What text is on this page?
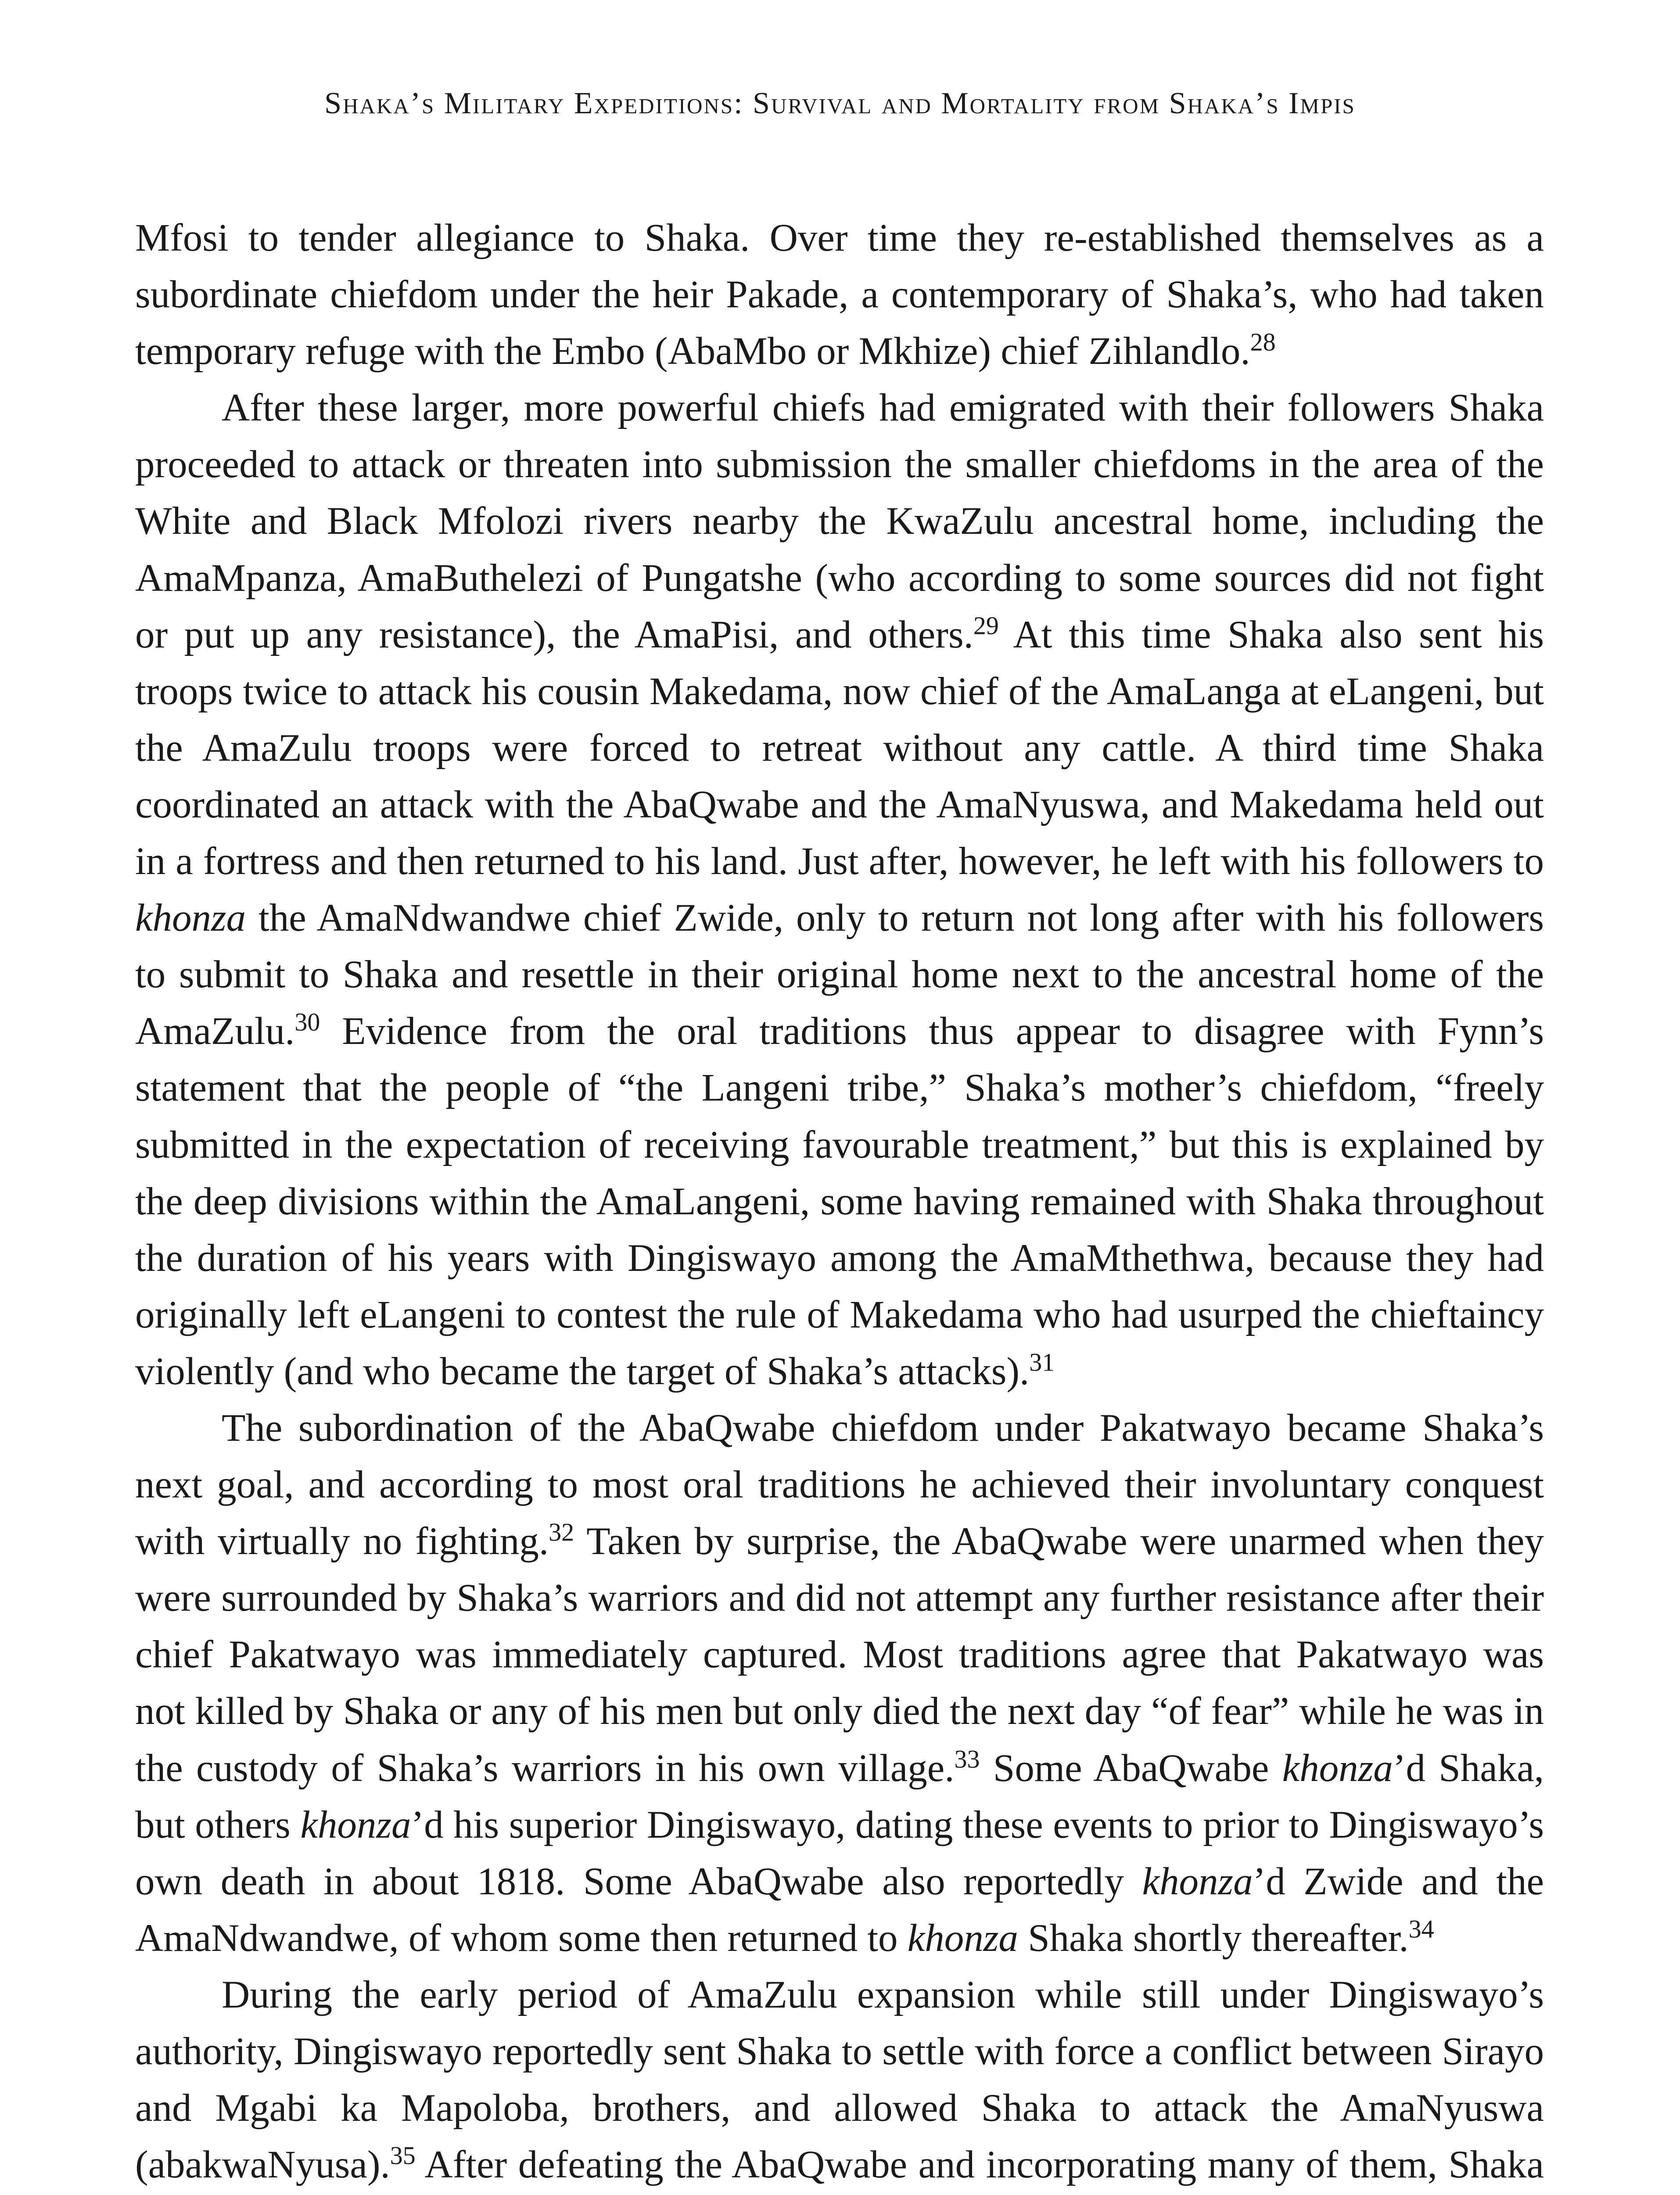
Shaka’s Military Expeditions: Survival and Mortality from Shaka’s Impis

Mfosi to tender allegiance to Shaka. Over time they re-established themselves as a subordinate chiefdom under the heir Pakade, a contemporary of Shaka’s, who had taken temporary refuge with the Embo (AbaMbo or Mkhize) chief Zihlandlo.$^{28}$

After these larger, more powerful chiefs had emigrated with their followers Shaka proceeded to attack or threaten into submission the smaller chiefdoms in the area of the White and Black Mfolozi rivers nearby the KwaZulu ancestral home, including the AmaMpanza, AmaButhelezi of Pungatshe (who according to some sources did not fight or put up any resistance), the AmaPisi, and others.$^{29}$ At this time Shaka also sent his troops twice to attack his cousin Makedama, now chief of the AmaLanga at eLangeni, but the AmaZulu troops were forced to retreat without any cattle. A third time Shaka coordinated an attack with the AbaQwabe and the AmaNyuswa, and Makedama held out in a fortress and then returned to his land. Just after, however, he left with his followers to khonza the AmaNdwandwe chief Zwide, only to return not long after with his followers to submit to Shaka and resettle in their original home next to the ancestral home of the AmaZulu.$^{30}$ Evidence from the oral traditions thus appear to disagree with Fynn’s statement that the people of “the Langeni tribe,” Shaka’s mother’s chiefdom, “freely submitted in the expectation of receiving favourable treatment,” but this is explained by the deep divisions within the AmaLangeni, some having remained with Shaka throughout the duration of his years with Dingiswayo among the AmaMthethwa, because they had originally left eLangeni to contest the rule of Makedama who had usurped the chieftaincy violently (and who became the target of Shaka’s attacks).$^{31}$

The subordination of the AbaQwabe chiefdom under Pakatwayo became Shaka’s next goal, and according to most oral traditions he achieved their involuntary conquest with virtually no fighting.$^{32}$ Taken by surprise, the AbaQwabe were unarmed when they were surrounded by Shaka’s warriors and did not attempt any further resistance after their chief Pakatwayo was immediately captured. Most traditions agree that Pakatwayo was not killed by Shaka or any of his men but only died the next day “of fear” while he was in the custody of Shaka’s warriors in his own village.$^{33}$ Some AbaQwabe khonza’d Shaka, but others khonza’d his superior Dingiswayo, dating these events to prior to Dingiswayo’s own death in about 1818. Some AbaQwabe also reportedly khonza’d Zwide and the AmaNdwandwe, of whom some then returned to khonza Shaka shortly thereafter.$^{34}$

During the early period of AmaZulu expansion while still under Dingiswayo’s authority, Dingiswayo reportedly sent Shaka to settle with force a conflict between Sirayo and Mgabi ka Mapoloba, brothers, and allowed Shaka to attack the AmaNyuswa (abakwaNyusa).$^{35}$ After defeating the AbaQwabe and incorporating many of them, Shaka
